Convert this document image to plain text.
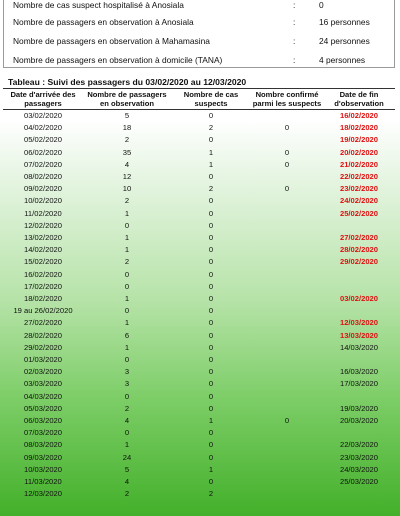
Nombre de cas suspect hospitalisé à Anosiala	:	0
Nombre de passagers en observation à Anosiala	:	16 personnes
Nombre de passagers en observation à Mahamasina	:	24 personnes
Nombre de passagers en observation à domicile (TANA)	:	4 personnes
Tableau : Suivi des passagers du 03/02/2020 au 12/03/2020
Date d'arrivée des passagers	Nombre de passagers en observation	Nombre de cas suspects	Nombre confirmé parmi les suspects	Date de fin d'observation
03/02/2020	5	0		16/02/2020
04/02/2020	18	2	0	18/02/2020
05/02/2020	2	0		19/02/2020
06/02/2020	35	1	0	20/02/2020
07/02/2020	4	1	0	21/02/2020
08/02/2020	12	0		22/02/2020
09/02/2020	10	2	0	23/02/2020
10/02/2020	2	0		24/02/2020
11/02/2020	1	0		25/02/2020
12/02/2020	0	0		
13/02/2020	1	0		27/02/2020
14/02/2020	1	0		28/02/2020
15/02/2020	2	0		29/02/2020
16/02/2020	0	0		
17/02/2020	0	0		
18/02/2020	1	0		03/02/2020
19 au 26/02/2020	0	0		
27/02/2020	1	0		12/03/2020
28/02/2020	6	0		13/03/2020
29/02/2020	1	0		14/03/2020
01/03/2020	0	0		
02/03/2020	3	0		16/03/2020
03/03/2020	3	0		17/03/2020
04/03/2020	0	0		
05/03/2020	2	0		19/03/2020
06/03/2020	4	1	0	20/03/2020
07/03/2020	0	0		
08/03/2020	1	0		22/03/2020
09/03/2020	24	0		23/03/2020
10/03/2020	5	1		24/03/2020
11/03/2020	4	0		25/03/2020
12/03/2020	2	2		
